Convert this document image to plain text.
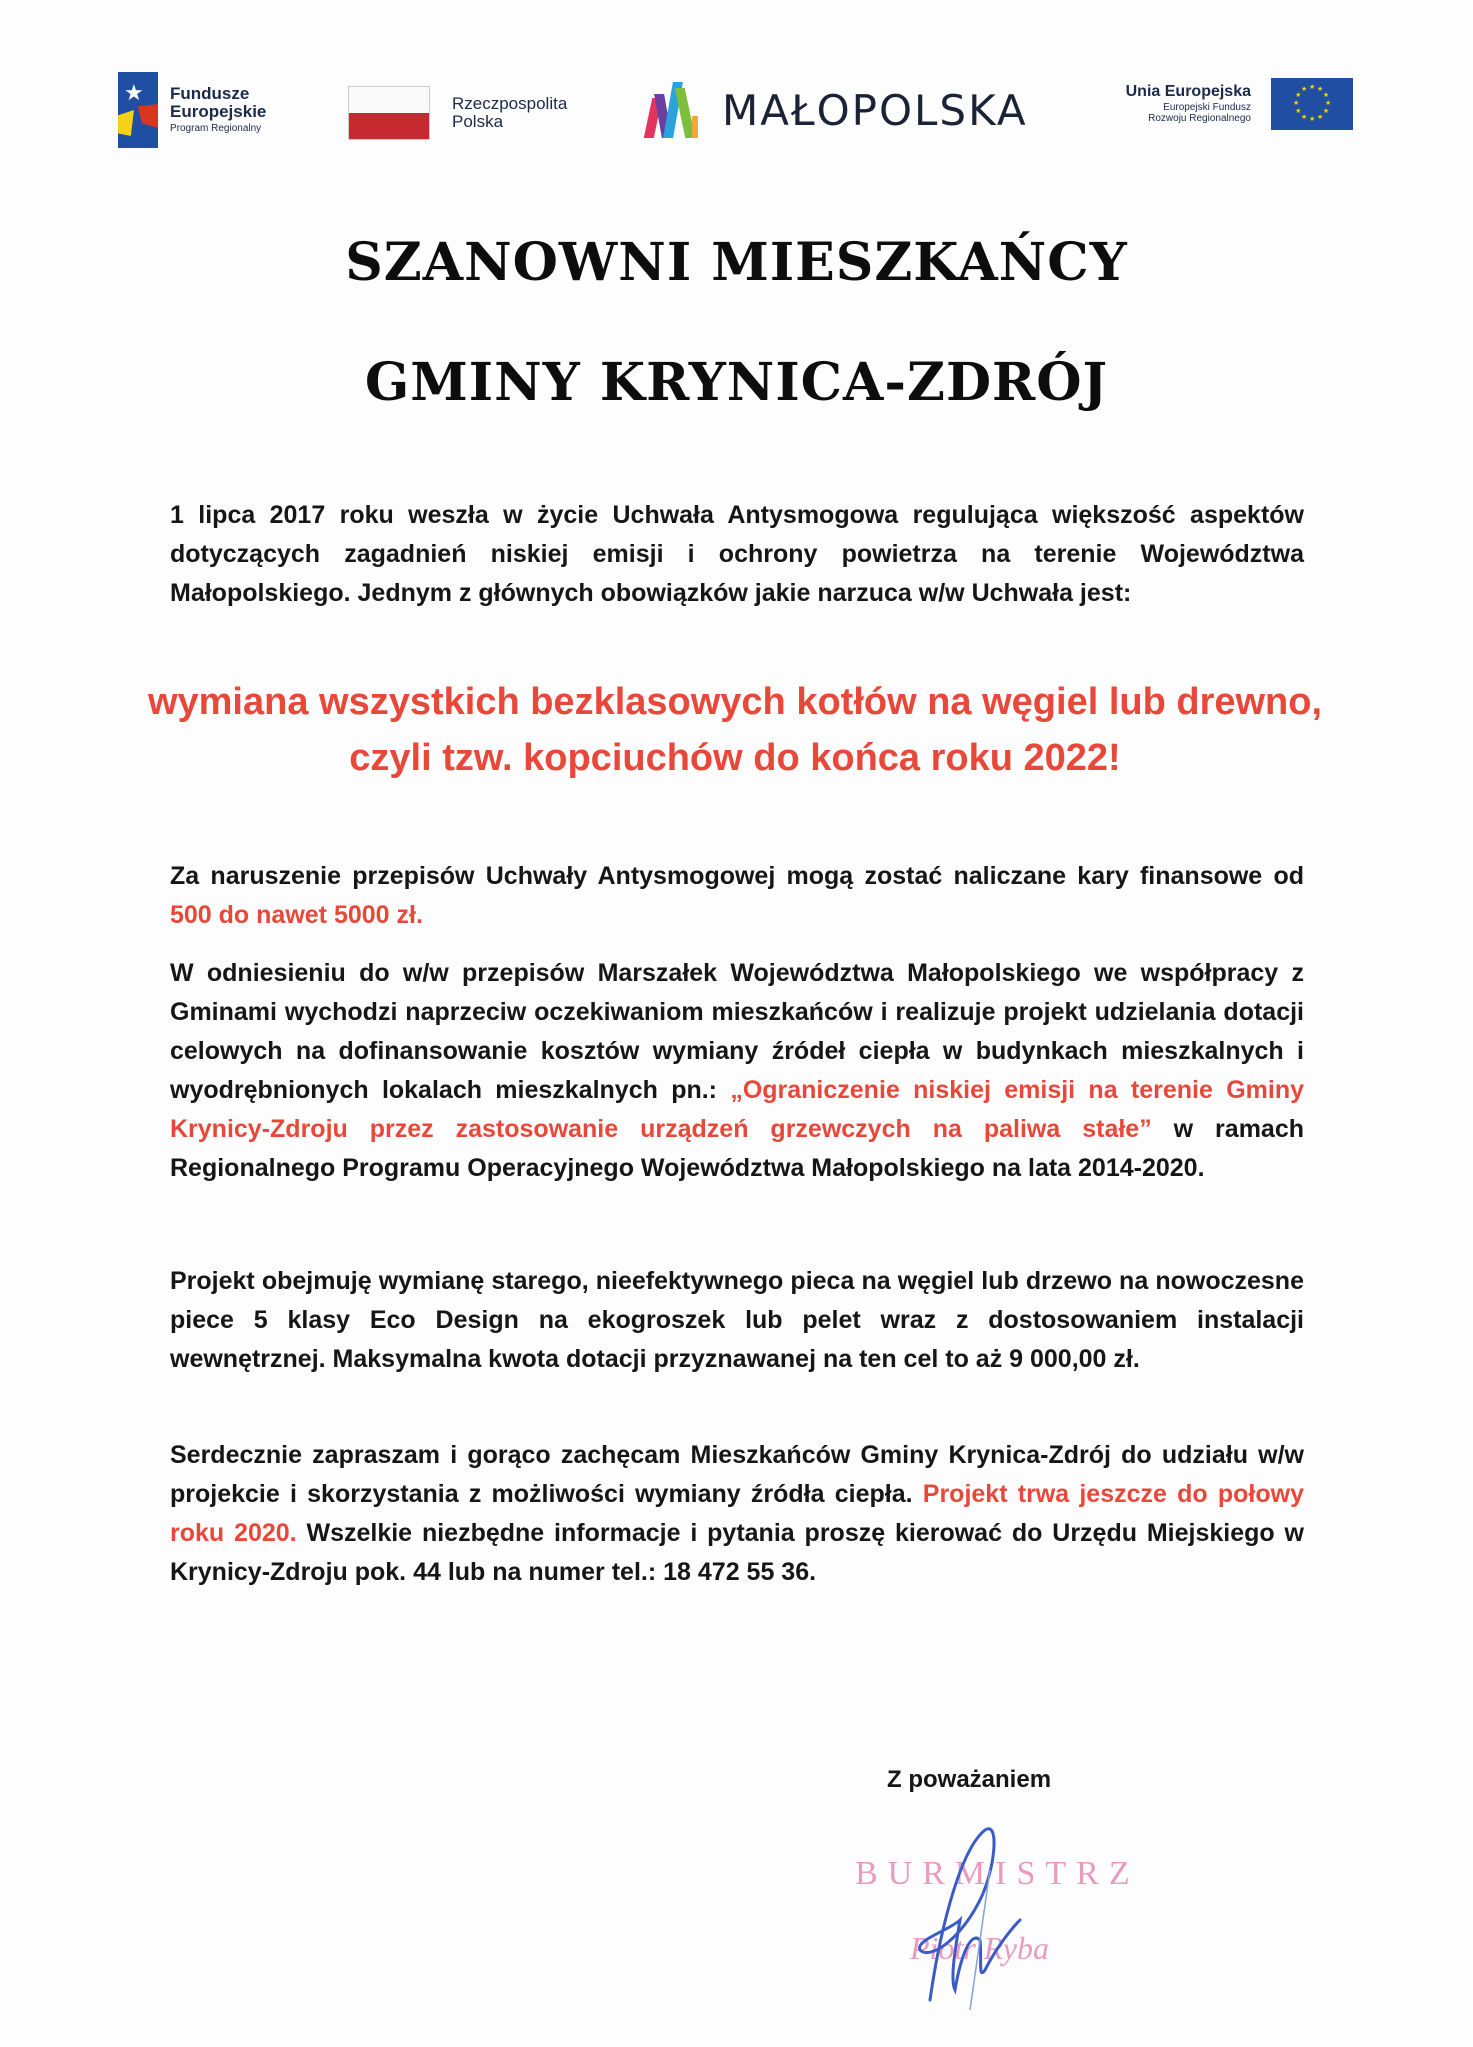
★ Fundusze
Europejskie
Program Regionalny
Rzeczpospolita
Polska	MAŁOPOLSKA	Unia Europejska
Europejski Fundusz
Rozwoju Regionalnego
★
★
★
★
★
★
★
★
★ ★ ★
★
SZANOWNI MIESZKAŃCY
GMINY KRYNICA-ZDRÓJ
1 lipca 2017 roku weszła w życie Uchwała Antysmogowa regulująca większość aspektów dotyczących zagadnień niskiej emisji i ochrony powietrza na terenie Województwa Małopolskiego. Jednym z głównych obowiązków jakie narzuca w/w Uchwała jest:
wymiana wszystkich bezklasowych kotłów na węgiel lub drewno, czyli tzw. kopciuchów do końca roku 2022!
Za naruszenie przepisów Uchwały Antysmogowej mogą zostać naliczane kary finansowe od 500 do nawet 5000 zł.
W odniesieniu do w/w przepisów Marszałek Województwa Małopolskiego we współpracy z Gminami wychodzi naprzeciw oczekiwaniom mieszkańców i realizuje projekt udzielania dotacji celowych na dofinansowanie kosztów wymiany źródeł ciepła w budynkach mieszkalnych i wyodrębnionych lokalach mieszkalnych pn.: „Ograniczenie niskiej emisji na terenie Gminy Krynicy-Zdroju przez zastosowanie urządzeń grzewczych na paliwa stałe” w ramach Regionalnego Programu Operacyjnego Województwa Małopolskiego na lata 2014-2020.
Projekt obejmuję wymianę starego, nieefektywnego pieca na węgiel lub drzewo na nowoczesne piece 5 klasy Eco Design na ekogroszek lub pelet wraz z dostosowaniem instalacji wewnętrznej. Maksymalna kwota dotacji przyznawanej na ten cel to aż 9 000,00 zł.
Serdecznie zapraszam i gorąco zachęcam Mieszkańców Gminy Krynica-Zdrój do udziału w/w projekcie i skorzystania z możliwości wymiany źródła ciepła. Projekt trwa jeszcze do połowy roku 2020. Wszelkie niezbędne informacje i pytania proszę kierować do Urzędu Miejskiego w Krynicy-Zdroju pok. 44 lub na numer tel.: 18 472 55 36.
Z poważaniem
BURMISTRZ
Piotr Ryba
